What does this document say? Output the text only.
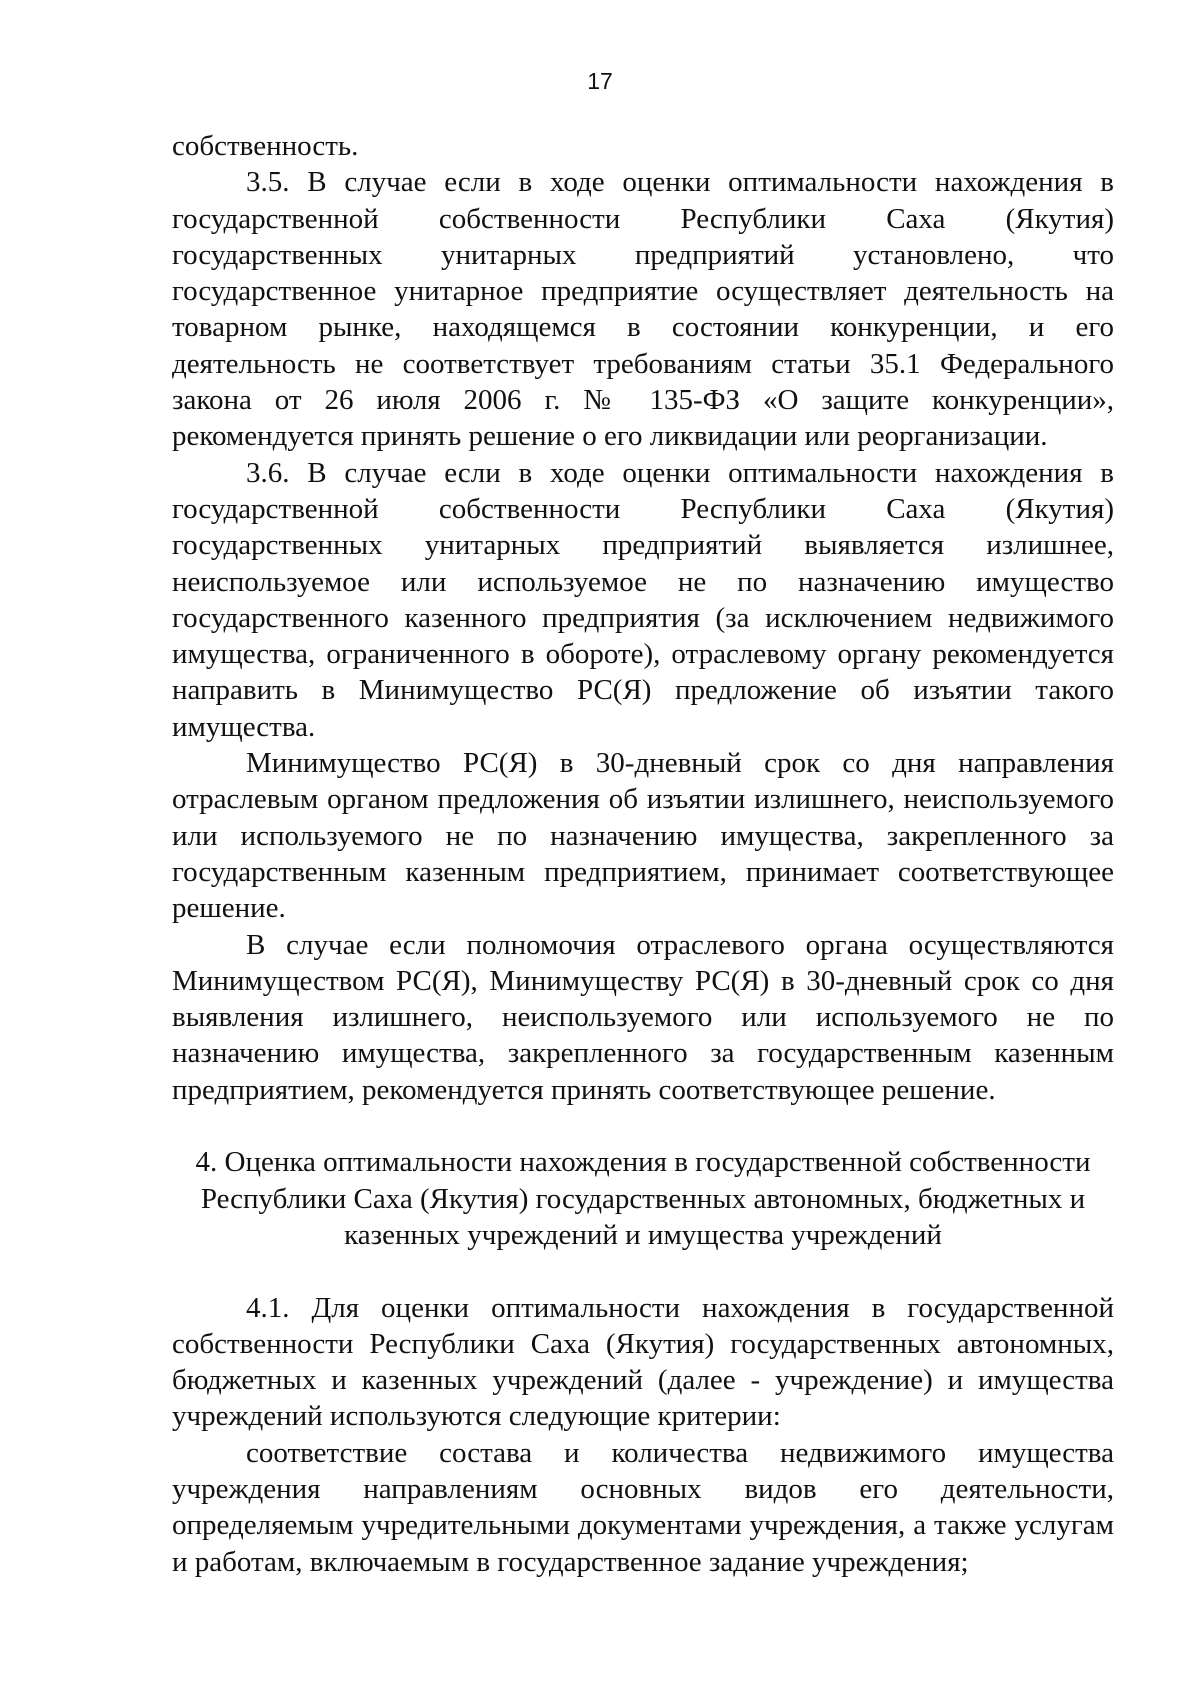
17

собственность.

3.5. В случае если в ходе оценки оптимальности нахождения в государственной собственности Республики Саха (Якутия) государственных унитарных предприятий установлено, что государственное унитарное предприятие осуществляет деятельность на товарном рынке, находящемся в состоянии конкуренции, и его деятельность не соответствует требованиям статьи 35.1 Федерального закона от 26 июля 2006 г. № 135-ФЗ «О защите конкуренции», рекомендуется принять решение о его ликвидации или реорганизации.

3.6. В случае если в ходе оценки оптимальности нахождения в государственной собственности Республики Саха (Якутия) государственных унитарных предприятий выявляется излишнее, неиспользуемое или используемое не по назначению имущество государственного казенного предприятия (за исключением недвижимого имущества, ограниченного в обороте), отраслевому органу рекомендуется направить в Минимущество РС(Я) предложение об изъятии такого имущества.

Минимущество РС(Я) в 30-дневный срок со дня направления отраслевым органом предложения об изъятии излишнего, неиспользуемого или используемого не по назначению имущества, закрепленного за государственным казенным предприятием, принимает соответствующее решение.

В случае если полномочия отраслевого органа осуществляются Минимуществом РС(Я), Минимуществу РС(Я) в 30-дневный срок со дня выявления излишнего, неиспользуемого или используемого не по назначению имущества, закрепленного за государственным казенным предприятием, рекомендуется принять соответствующее решение.

4. Оценка оптимальности нахождения в государственной собственности
Республики Саха (Якутия) государственных автономных, бюджетных и
казенных учреждений и имущества учреждений

4.1. Для оценки оптимальности нахождения в государственной собственности Республики Саха (Якутия) государственных автономных, бюджетных и казенных учреждений (далее - учреждение) и имущества учреждений используются следующие критерии:

соответствие состава и количества недвижимого имущества учреждения направлениям основных видов его деятельности, определяемым учредительными документами учреждения, а также услугам и работам, включаемым в государственное задание учреждения;
